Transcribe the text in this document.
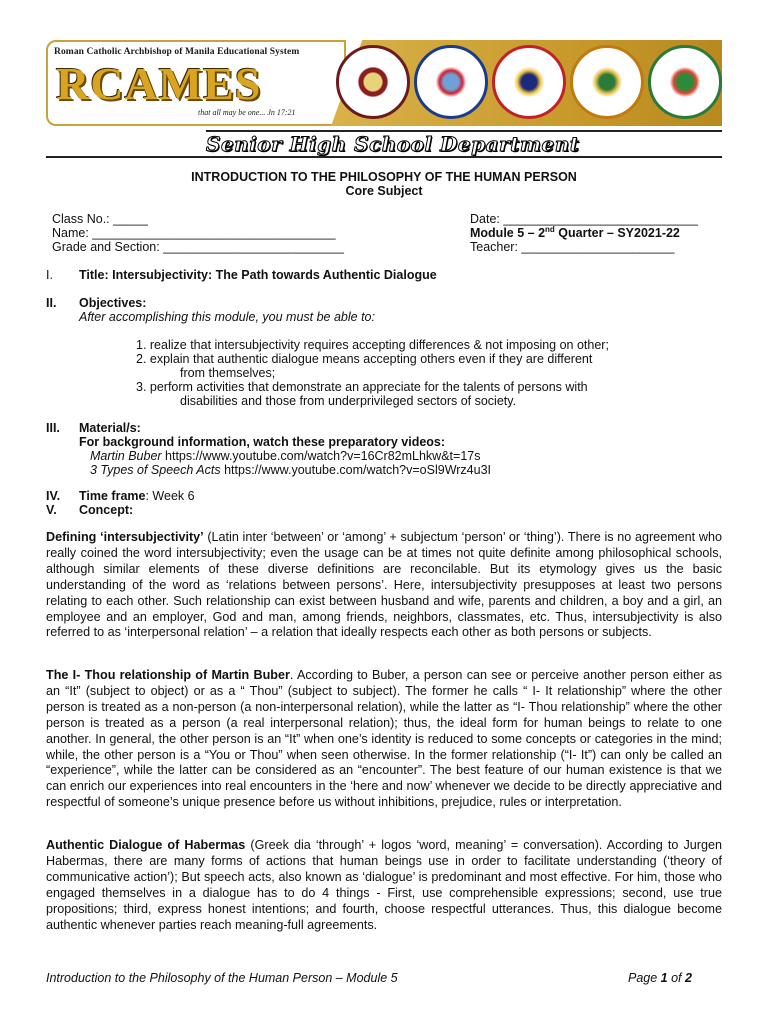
Roman Catholic Archbishop of Manila Educational System
RCAMES
that all may be one... Jn 17:21
Senior High School Department
INTRODUCTION TO THE PHILOSOPHY OF THE HUMAN PERSON
Core Subject
Class No.: _____
Name: ___________________________________
Grade and Section: __________________________
Date: ____________________________
Module 5 – 2nd Quarter – SY2021-22
Teacher: ______________________
I. Title: Intersubjectivity: The Path towards Authentic Dialogue
II. Objectives:
After accomplishing this module, you must be able to:
1. realize that intersubjectivity requires accepting differences & not imposing on other;
2. explain that authentic dialogue means accepting others even if they are different
from themselves;
3. perform activities that demonstrate an appreciate for the talents of persons with
disabilities and those from underprivileged sectors of society.
III. Material/s:
For background information, watch these preparatory videos:
Martin Buber https://www.youtube.com/watch?v=16Cr82mLhkw&t=17s
3 Types of Speech Acts https://www.youtube.com/watch?v=oSl9Wrz4u3I
IV. Time frame: Week 6
V. Concept:
Defining ‘intersubjectivity’ (Latin inter ‘between’ or ‘among’ + subjectum ‘person’ or ‘thing’). There is no agreement who really coined the word intersubjectivity; even the usage can be at times not quite definite among philosophical schools, although similar elements of these diverse definitions are reconcilable. But its etymology gives us the basic understanding of the word as ‘relations between persons’. Here, intersubjectivity presupposes at least two persons relating to each other. Such relationship can exist between husband and wife, parents and children, a boy and a girl, an employee and an employer, God and man, among friends, neighbors, classmates, etc. Thus, intersubjectivity is also referred to as ‘interpersonal relation’ – a relation that ideally respects each other as both persons or subjects.
The I- Thou relationship of Martin Buber. According to Buber, a person can see or perceive another person either as an “It” (subject to object) or as a “ Thou” (subject to subject). The former he calls “ I- It relationship” where the other person is treated as a non-person (a non-interpersonal relation), while the latter as “I- Thou relationship” where the other person is treated as a person (a real interpersonal relation); thus, the ideal form for human beings to relate to one another. In general, the other person is an “It” when one’s identity is reduced to some concepts or categories in the mind; while, the other person is a “You or Thou” when seen otherwise. In the former relationship (“I- It”) can only be called an “experience”, while the latter can be considered as an “encounter”. The best feature of our human existence is that we can enrich our experiences into real encounters in the ‘here and now’ whenever we decide to be directly appreciative and respectful of someone’s unique presence before us without inhibitions, prejudice, rules or interpretation.
Authentic Dialogue of Habermas (Greek dia ‘through’ + logos ‘word, meaning’ = conversation). According to Jurgen Habermas, there are many forms of actions that human beings use in order to facilitate understanding (‘theory of communicative action’); But speech acts, also known as ‘dialogue’ is predominant and most effective. For him, those who engaged themselves in a dialogue has to do 4 things - First, use comprehensible expressions; second, use true propositions; third, express honest intentions; and fourth, choose respectful utterances. Thus, this dialogue become authentic whenever parties reach meaning-full agreements.
Introduction to the Philosophy of the Human Person – Module 5	Page 1 of 2
